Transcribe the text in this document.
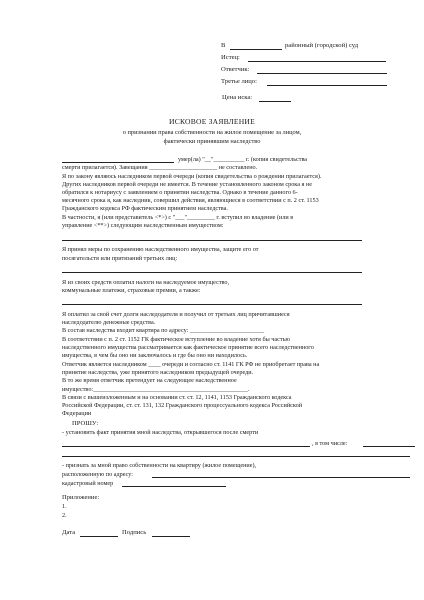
В	районный (городской) суд
Истец:
Ответчик:
Третье лицо:
Цена иска:
ИСКОВОЕ ЗАЯВЛЕНИЕ
о признании права собственности на жилое помещение за лицом,
фактически принявшим наследство
умер(ла) "__"__________ г. (копия свидетельства
смерти прилагается). Завещания ______________________ не составлено.
Я по закону являюсь наследником первой очереди (копия свидетельства о рождении прилагается).
Других наследников первой очереди не имеется. В течение установленного законом срока я не
обратился к нотариусу с заявлением о принятии наследства. Однако в течение данного 6-
месячного срока я, как наследник, совершил действия, являющиеся в соответствии с п. 2 ст. 1153
Гражданского кодекса РФ фактическим принятием наследства.
В частности, я (или представитель <*>) с "___"_________ г. вступил во владение (или в
управление <**>) следующим наследственным имуществом:
Я принял меры по сохранению наследственного имущества, защите его от
посягательств или притязаний третьих лиц:
Я из своих средств оплатил налоги на наследуемое имущество,
коммунальные платежи, страховые премии, а также:
Я оплатил за свой счет долги наследодателя и получил от третьих лиц причитавшиеся
наследодателю денежные средства.
В состав наследства входит квартира по адресу: ________________________
В соответствии с п. 2 ст. 1152 ГК фактическое вступление во владение хотя бы частью
наследственного имущества рассматривается как фактическое принятие всего наследственного
имущества, в чем бы оно ни заключалось и где бы оно ни находилось.
Ответчик является наследником ____ очереди и согласно ст. 1141 ГК РФ не приобретает права на
принятие наследства, уже принятого наследником предыдущей очереди.
В то же время ответчик претендует на следующее наследственное
имущество:__________________________________________________.
В связи с вышеизложенным и на основании ст. ст. 12, 1141, 1153 Гражданского кодекса
Российской Федерации, ст. ст. 131, 132 Гражданского процессуального кодекса Российской
Федерации
ПРОШУ:
- установить факт принятия мной наследства, открывшегося после смерти
, в том числе:
- признать за мной право собственности на квартиру (жилое помещение),
расположенную по адресу:
кадастровый номер
Приложение:
1.
2.
Дата	Подпись
